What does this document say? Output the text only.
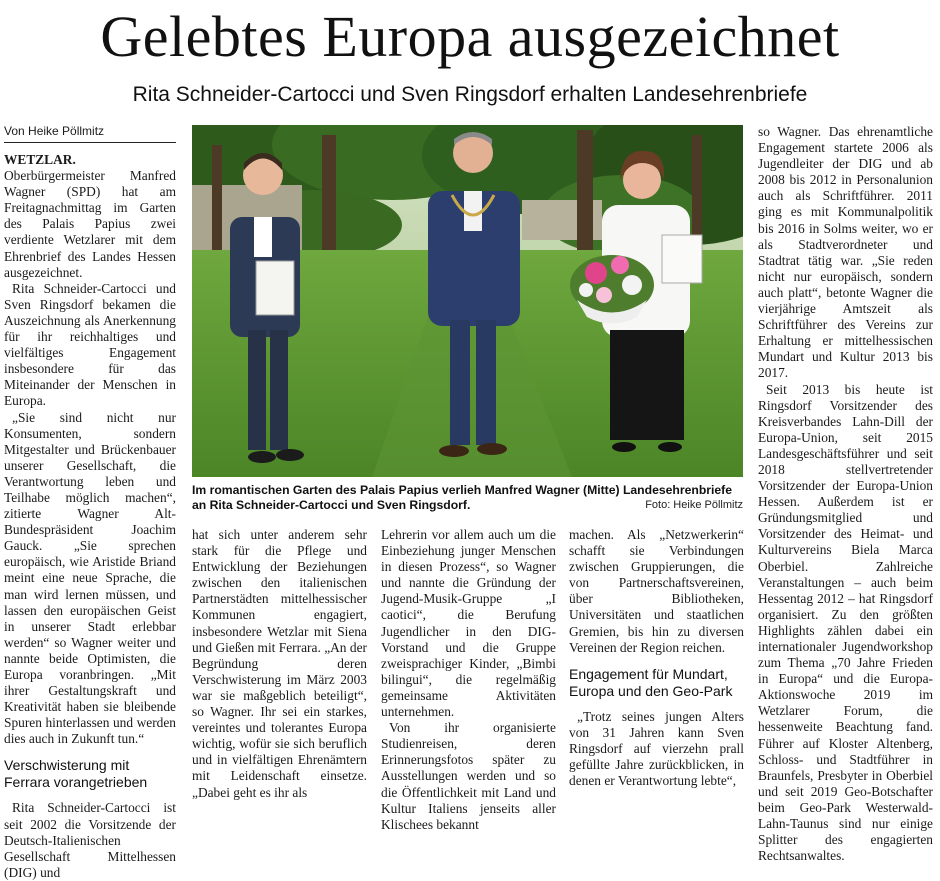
Gelebtes Europa ausgezeichnet
Rita Schneider-Cartocci und Sven Ringsdorf erhalten Landesehrenbriefe
Von Heike Pöllmitz

WETZLAR. Oberbürgermeister Manfred Wagner (SPD) hat am Freitagnachmittag im Garten des Palais Papius zwei verdiente Wetzlarer mit dem Ehrenbrief des Landes Hessen ausgezeichnet.

Rita Schneider-Cartocci und Sven Ringsdorf bekamen die Auszeichnung als Anerkennung für ihr reichhaltiges und vielfältiges Engagement insbesondere für das Miteinander der Menschen in Europa.

„Sie sind nicht nur Konsumenten, sondern Mitgestalter und Brückenbauer unserer Gesellschaft, die Verantwortung leben und Teilhabe möglich machen“, zitierte Wagner Alt-Bundespräsident Joachim Gauck. „Sie sprechen europäisch, wie Aristide Briand meint eine neue Sprache, die man wird lernen müssen, und lassen den europäischen Geist in unserer Stadt erlebbar werden“ so Wagner weiter und nannte beide Optimisten, die Europa voranbringen. „Mit ihrer Gestaltungskraft und Kreativität haben sie bleibende Spuren hinterlassen und werden dies auch in Zukunft tun.“

Verschwisterung mit Ferrara vorangetrieben

Rita Schneider-Cartocci ist seit 2002 die Vorsitzende der Deutsch-Italienischen Gesellschaft Mittelhessen (DIG) und

Im romantischen Garten des Palais Papius verlieh Manfred Wagner (Mitte) Landesehrenbriefe an Rita Schneider-Cartocci und Sven Ringsdorf.	Foto: Heike Pöllmitz

hat sich unter anderem sehr stark für die Pflege und Entwicklung der Beziehungen zwischen den italienischen Partnerstädten mittelhessischer Kommunen engagiert, insbesondere Wetzlar mit Siena und Gießen mit Ferrara. „An der Begründung deren Verschwisterung im März 2003 war sie maßgeblich beteiligt“, so Wagner. Ihr sei ein starkes, vereintes und tolerantes Europa wichtig, wofür sie sich beruflich und in vielfältigen Ehrenämtern mit Leidenschaft einsetze. „Dabei geht es ihr als

Lehrerin vor allem auch um die Einbeziehung junger Menschen in diesen Prozess“, so Wagner und nannte die Gründung der Jugend-Musik-Gruppe „I caotici“, die Berufung Jugendlicher in den DIG-Vorstand und die Gruppe zweisprachiger Kinder, „Bimbi bilingui“, die regelmäßig gemeinsame Aktivitäten unternehmen.

Von ihr organisierte Studienreisen, deren Erinnerungsfotos später zu Ausstellungen werden und so die Öffentlichkeit mit Land und Kultur Italiens jenseits aller Klischees bekannt

machen. Als „Netzwerkerin“ schafft sie Verbindungen zwischen Gruppierungen, die von Partnerschaftsvereinen, über Bibliotheken, Universitäten und staatlichen Gremien, bis hin zu diversen Vereinen der Region reichen.

Engagement für Mundart, Europa und den Geo-Park

„Trotz seines jungen Alters von 31 Jahren kann Sven Ringsdorf auf vierzehn prall gefüllte Jahre zurückblicken, in denen er Verantwortung lebte“,

so Wagner. Das ehrenamtliche Engagement startete 2006 als Jugendleiter der DIG und ab 2008 bis 2012 in Personalunion auch als Schriftführer. 2011 ging es mit Kommunalpolitik bis 2016 in Solms weiter, wo er als Stadtverordneter und Stadtrat tätig war. „Sie reden nicht nur europäisch, sondern auch platt“, betonte Wagner die vierjährige Amtszeit als Schriftführer des Vereins zur Erhaltung er mittelhessischen Mundart und Kultur 2013 bis 2017.

Seit 2013 bis heute ist Ringsdorf Vorsitzender des Kreisverbandes Lahn-Dill der Europa-Union, seit 2015 Landesgeschäftsführer und seit 2018 stellvertretender Vorsitzender der Europa-Union Hessen. Außerdem ist er Gründungsmitglied und Vorsitzender des Heimat- und Kulturvereins Biela Marca Oberbiel. Zahlreiche Veranstaltungen – auch beim Hessentag 2012 – hat Ringsdorf organisiert. Zu den größten Highlights zählen dabei ein internationaler Jugendworkshop zum Thema „70 Jahre Frieden in Europa“ und die Europa-Aktionswoche 2019 im Wetzlarer Forum, die hessenweite Beachtung fand. Führer auf Kloster Altenberg, Schloss- und Stadtführer in Braunfels, Presbyter in Oberbiel und seit 2019 Geo-Botschafter beim Geo-Park Westerwald-Lahn-Taunus sind nur einige Splitter des engagierten Rechtsanwaltes.
